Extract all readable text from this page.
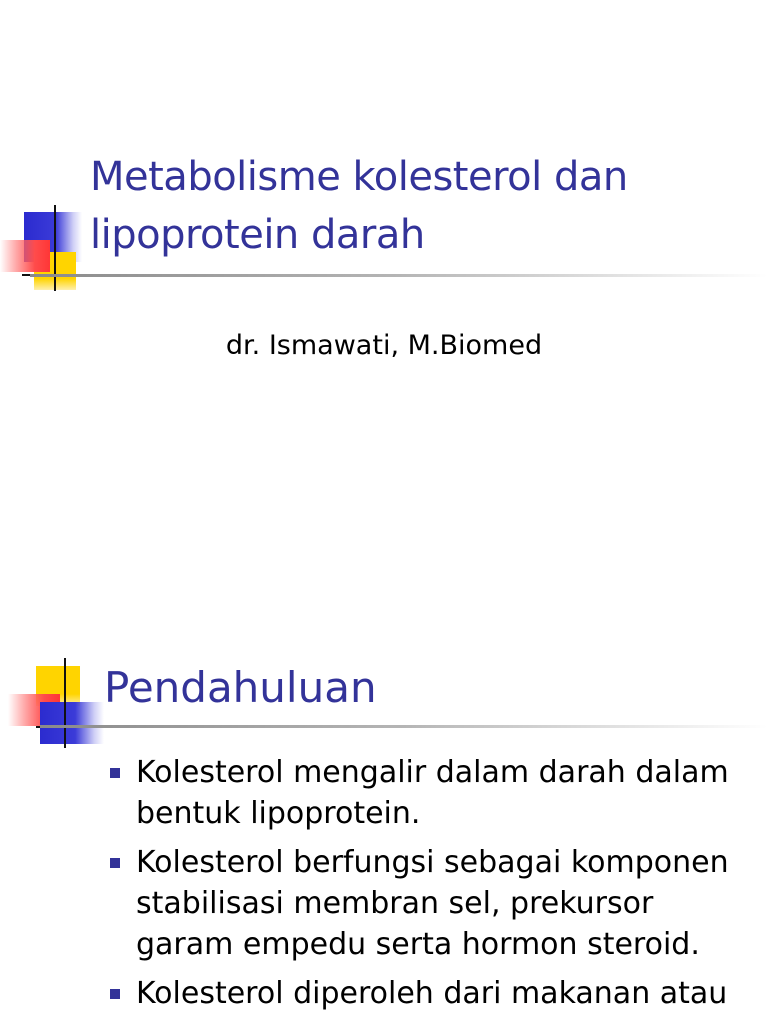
Metabolisme kolesterol dan lipoprotein darah
dr. Ismawati, M.Biomed
Pendahuluan
Kolesterol mengalir dalam darah dalam bentuk lipoprotein.
Kolesterol berfungsi sebagai komponen stabilisasi membran sel, prekursor garam empedu serta hormon steroid.
Kolesterol diperoleh dari makanan atau
